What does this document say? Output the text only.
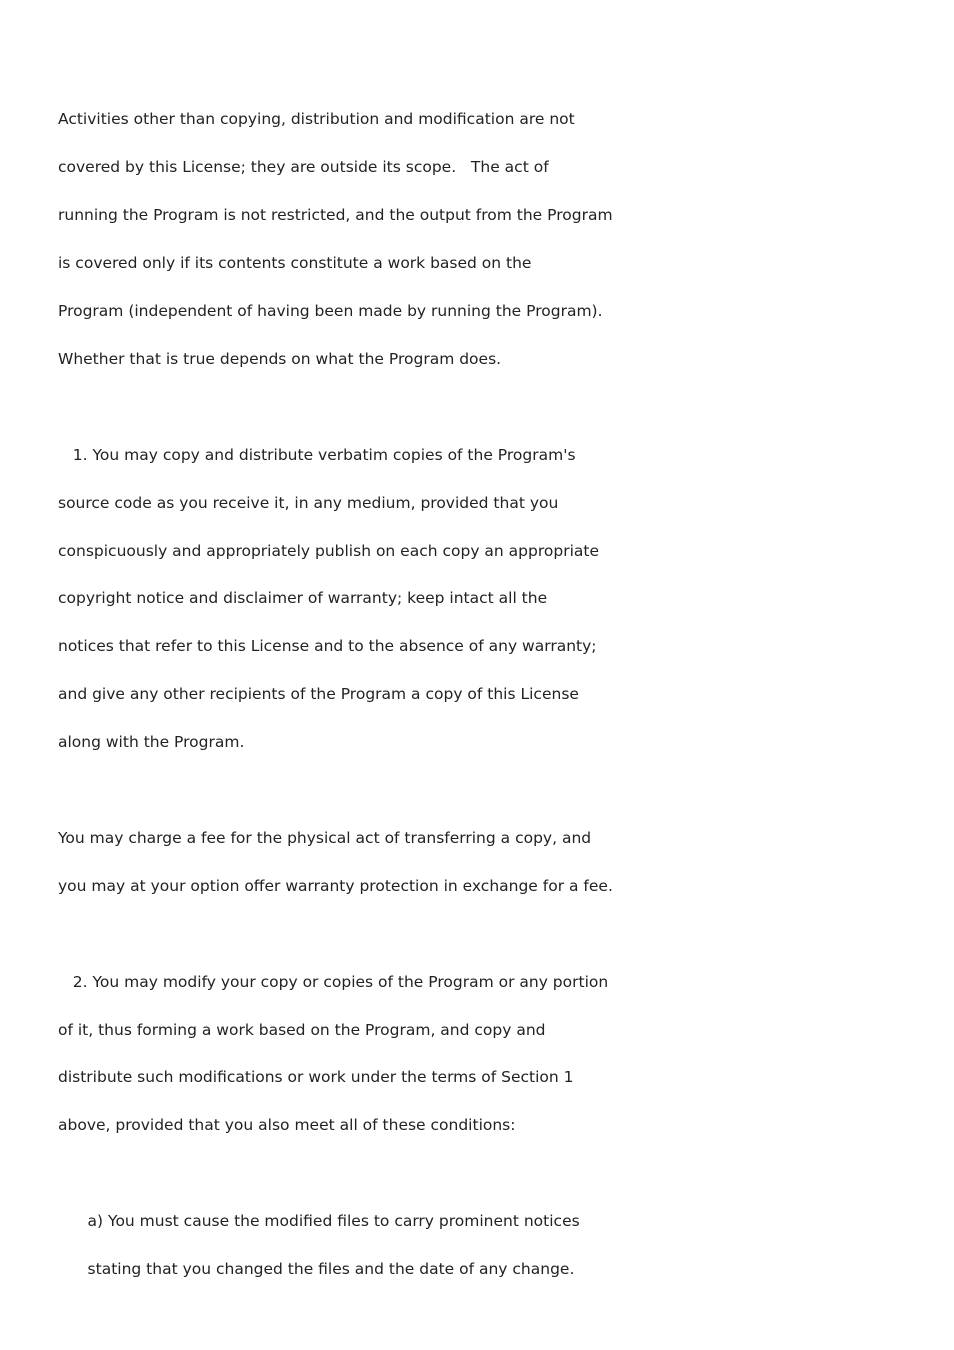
Activities other than copying, distribution and modification are not
covered by this License; they are outside its scope.   The act of
running the Program is not restricted, and the output from the Program
is covered only if its contents constitute a work based on the
Program (independent of having been made by running the Program).
Whether that is true depends on what the Program does.
1. You may copy and distribute verbatim copies of the Program's
source code as you receive it, in any medium, provided that you
conspicuously and appropriately publish on each copy an appropriate
copyright notice and disclaimer of warranty; keep intact all the
notices that refer to this License and to the absence of any warranty;
and give any other recipients of the Program a copy of this License
along with the Program.
You may charge a fee for the physical act of transferring a copy, and
you may at your option offer warranty protection in exchange for a fee.
2. You may modify your copy or copies of the Program or any portion
of it, thus forming a work based on the Program, and copy and
distribute such modifications or work under the terms of Section 1
above, provided that you also meet all of these conditions:
a) You must cause the modified files to carry prominent notices
stating that you changed the files and the date of any change.
